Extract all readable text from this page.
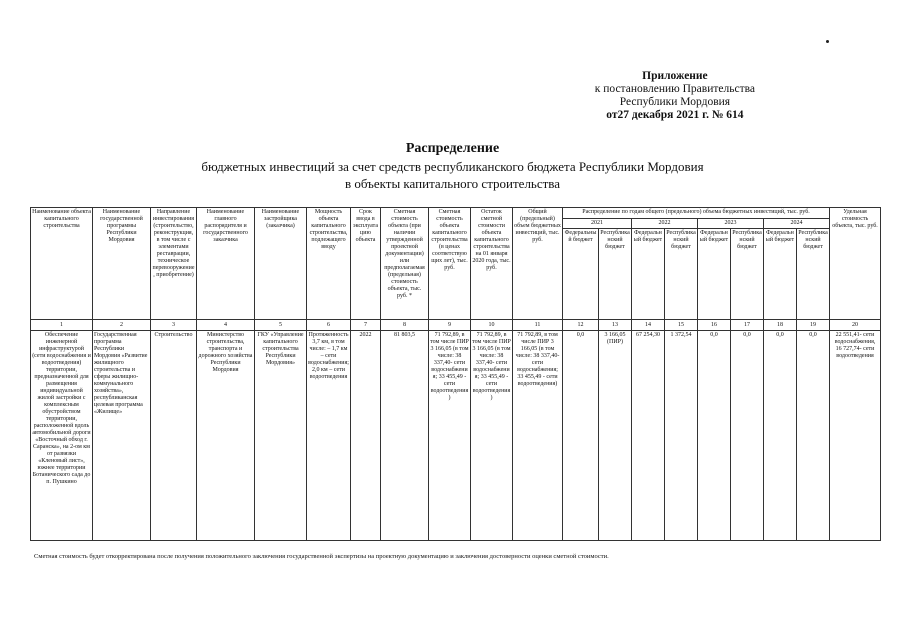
Приложение
к постановлению Правительства
Республики Мордовия
от27 декабря 2021 г. № 614
Распределение
бюджетных инвестиций за счет средств республиканского бюджета Республики Мордовия
в объекты капитального строительства
Наименование объекта капитального строительства	Наименование государственной программы Республики Мордовия	Направление инвестирования (строительство, реконструкция, в том числе с элементами реставрации, техническое перевооружение, приобретение)	Наименование главного распорядителя и государственного заказчика	Наименование застройщика (заказчика)	Мощность объекта капитального строительства, подлежащего вводу	Срок ввода в эксплуатацию объекта	Сметная стоимость объекта (при наличии утвержденной проектной документации) или предполагаемая (предельная) стоимость объекта, тыс. руб. *	Сметная стоимость объекта капитального строительства (в ценах соответствующих лет), тыс. руб.	Остаток сметной стоимости объекта капитального строительства на 01 января 2020 года, тыс. руб.	Общий (предельный) объем бюджетных инвестиций, тыс. руб.	Распределение по годам общего (предельного) объема бюджетных инвестиций, тыс. руб.								Удельная стоимость объекта, тыс. руб.
											2021		2022		2023		2024		
											Федеральный бюджет	Республиканский бюджет	Федеральный бюджет	Республиканский бюджет	Федеральный бюджет	Республиканский бюджет	Федеральный бюджет	Республиканский бюджет	
1	2	3	4	5	6	7	8	9	10	11	12	13	14	15	16	17	18	19	20
Обеспечение инженерной инфраструктурой (сети водоснабжения и водоотведения) территории, предназначенной для размещения индивидуальной жилой застройки с комплексным обустройством территории, расположенной вдоль автомобильной дороги «Восточный обход г. Саранска», на 2-ом км от развязки «Кленовый лист», южнее территории Ботанического сада до п. Пушкино	Государственная программа Республики Мордовия «Развитие жилищного строительства и сферы жилищно-коммунального хозяйства», республиканская целевая программа «Жилище»	Строительство	Министерство строительства, транспорта и дорожного хозяйства Республики Мордовия	ГКУ «Управление капитального строительства Республики Мордовия»	Протяженность 3,7 км, в том числе: – 1,7 км – сети водоснабжения; 2,0 км – сети водоотведения	2022	81 803,5	71 792,89, в том числе ПИР 3 166,05 (в том числе: 38 337,40- сети водоснабжения; 33 455,49 - сети водоотведения)	71 792,89, в том числе ПИР 3 166,05 (в том числе: 38 337,40- сети водоснабжения; 33 455,49 - сети водоотведения)	71 792,89, в том числе ПИР 3 166,05 (в том числе: 38 337,40- сети водоснабжения; 33 455,49 - сети водоотведения)	0,0	3 166,05 (ПИР)	67 254,30	1 372,54	0,0	0,0	0,0	0,0	22 551,41- сети водоснабжения, 16 727,74- сети водоотведения
Сметная стоимость будет откорректирована после получения положительного заключения государственной экспертизы на проектную документацию и заключения достоверности оценки сметной стоимости.
